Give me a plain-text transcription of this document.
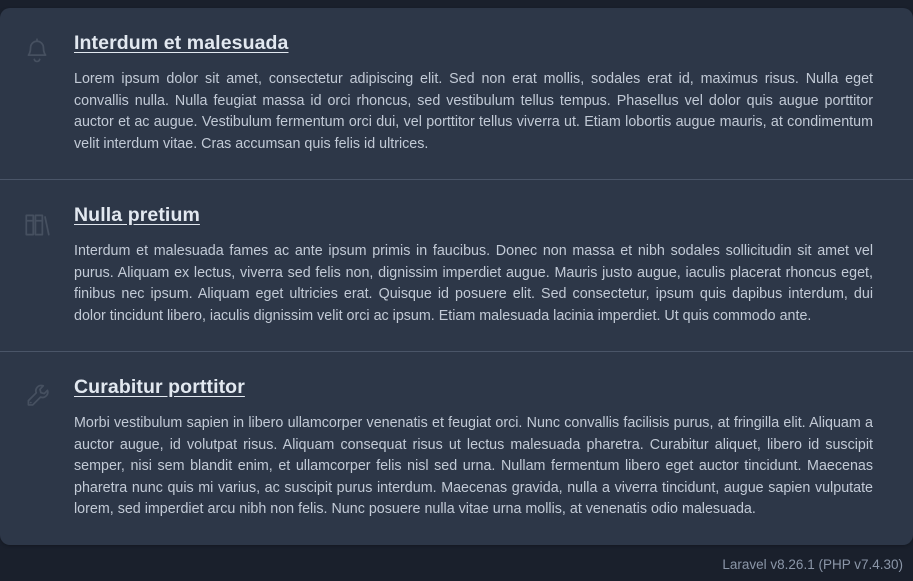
Interdum et malesuada

Lorem ipsum dolor sit amet, consectetur adipiscing elit. Sed non erat mollis, sodales erat id, maximus risus. Nulla eget convallis nulla. Nulla feugiat massa id orci rhoncus, sed vestibulum tellus tempus. Phasellus vel dolor quis augue porttitor auctor et ac augue. Vestibulum fermentum orci dui, vel porttitor tellus viverra ut. Etiam lobortis augue mauris, at condimentum velit interdum vitae. Cras accumsan quis felis id ultrices.

Nulla pretium

Interdum et malesuada fames ac ante ipsum primis in faucibus. Donec non massa et nibh sodales sollicitudin sit amet vel purus. Aliquam ex lectus, viverra sed felis non, dignissim imperdiet augue. Mauris justo augue, iaculis placerat rhoncus eget, finibus nec ipsum. Aliquam eget ultricies erat. Quisque id posuere elit. Sed consectetur, ipsum quis dapibus interdum, dui dolor tincidunt libero, iaculis dignissim velit orci ac ipsum. Etiam malesuada lacinia imperdiet. Ut quis commodo ante.

Curabitur porttitor

Morbi vestibulum sapien in libero ullamcorper venenatis et feugiat orci. Nunc convallis facilisis purus, at fringilla elit. Aliquam a auctor augue, id volutpat risus. Aliquam consequat risus ut lectus malesuada pharetra. Curabitur aliquet, libero id suscipit semper, nisi sem blandit enim, et ullamcorper felis nisl sed urna. Nullam fermentum libero eget auctor tincidunt. Maecenas pharetra nunc quis mi varius, ac suscipit purus interdum. Maecenas gravida, nulla a viverra tincidunt, augue sapien vulputate lorem, sed imperdiet arcu nibh non felis. Nunc posuere nulla vitae urna mollis, at venenatis odio malesuada.

Laravel v8.26.1 (PHP v7.4.30)
